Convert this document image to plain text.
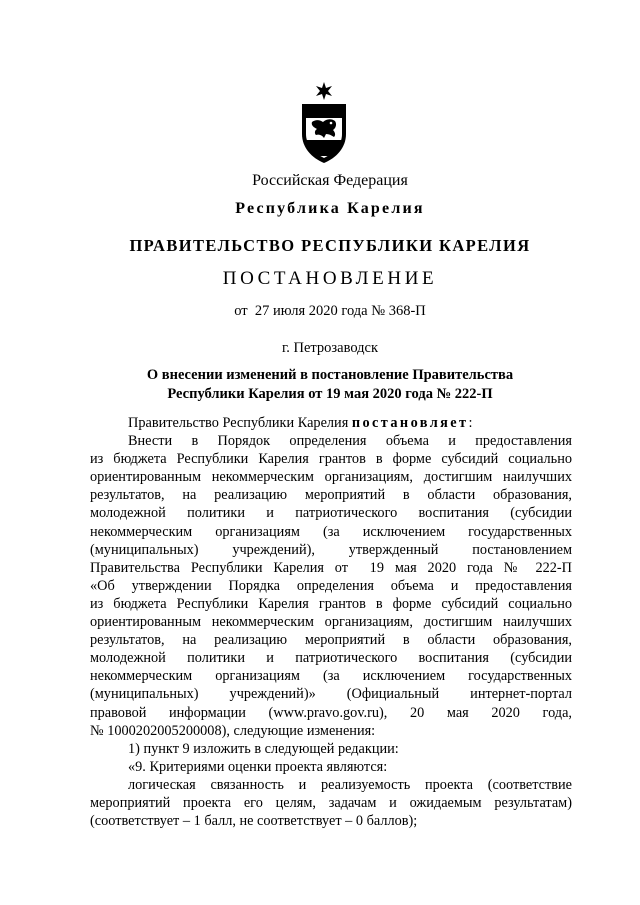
Российская Федерация
Республика Карелия
ПРАВИТЕЛЬСТВО РЕСПУБЛИКИ КАРЕЛИЯ
ПОСТАНОВЛЕНИЕ
от  27 июля 2020 года № 368-П
г. Петрозаводск
О внесении изменений в постановление Правительства
Республики Карелия от 19 мая 2020 года № 222-П
Правительство Республики Карелия постановляет:
Внести в Порядок определения объема и предоставления
из бюджета Республики Карелия грантов в форме субсидий социально
ориентированным некоммерческим организациям, достигшим наилучших
результатов, на реализацию мероприятий в области образования,
молодежной политики и патриотического воспитания (субсидии
некоммерческим организациям (за исключением государственных
(муниципальных) учреждений), утвержденный постановлением
Правительства Республики Карелия от  19 мая 2020 года № 222-П
«Об утверждении Порядка определения объема и предоставления
из бюджета Республики Карелия грантов в форме субсидий социально
ориентированным некоммерческим организациям, достигшим наилучших
результатов, на реализацию мероприятий в области образования,
молодежной политики и патриотического воспитания (субсидии
некоммерческим организациям (за исключением государственных
(муниципальных) учреждений)» (Официальный интернет-портал
правовой информации (www.pravo.gov.ru), 20 мая 2020 года,
№ 1000202005200008), следующие изменения:
1) пункт 9 изложить в следующей редакции:
«9. Критериями оценки проекта являются:
логическая связанность и реализуемость проекта (соответствие
мероприятий проекта его целям, задачам и ожидаемым результатам)
(соответствует – 1 балл, не соответствует – 0 баллов);
